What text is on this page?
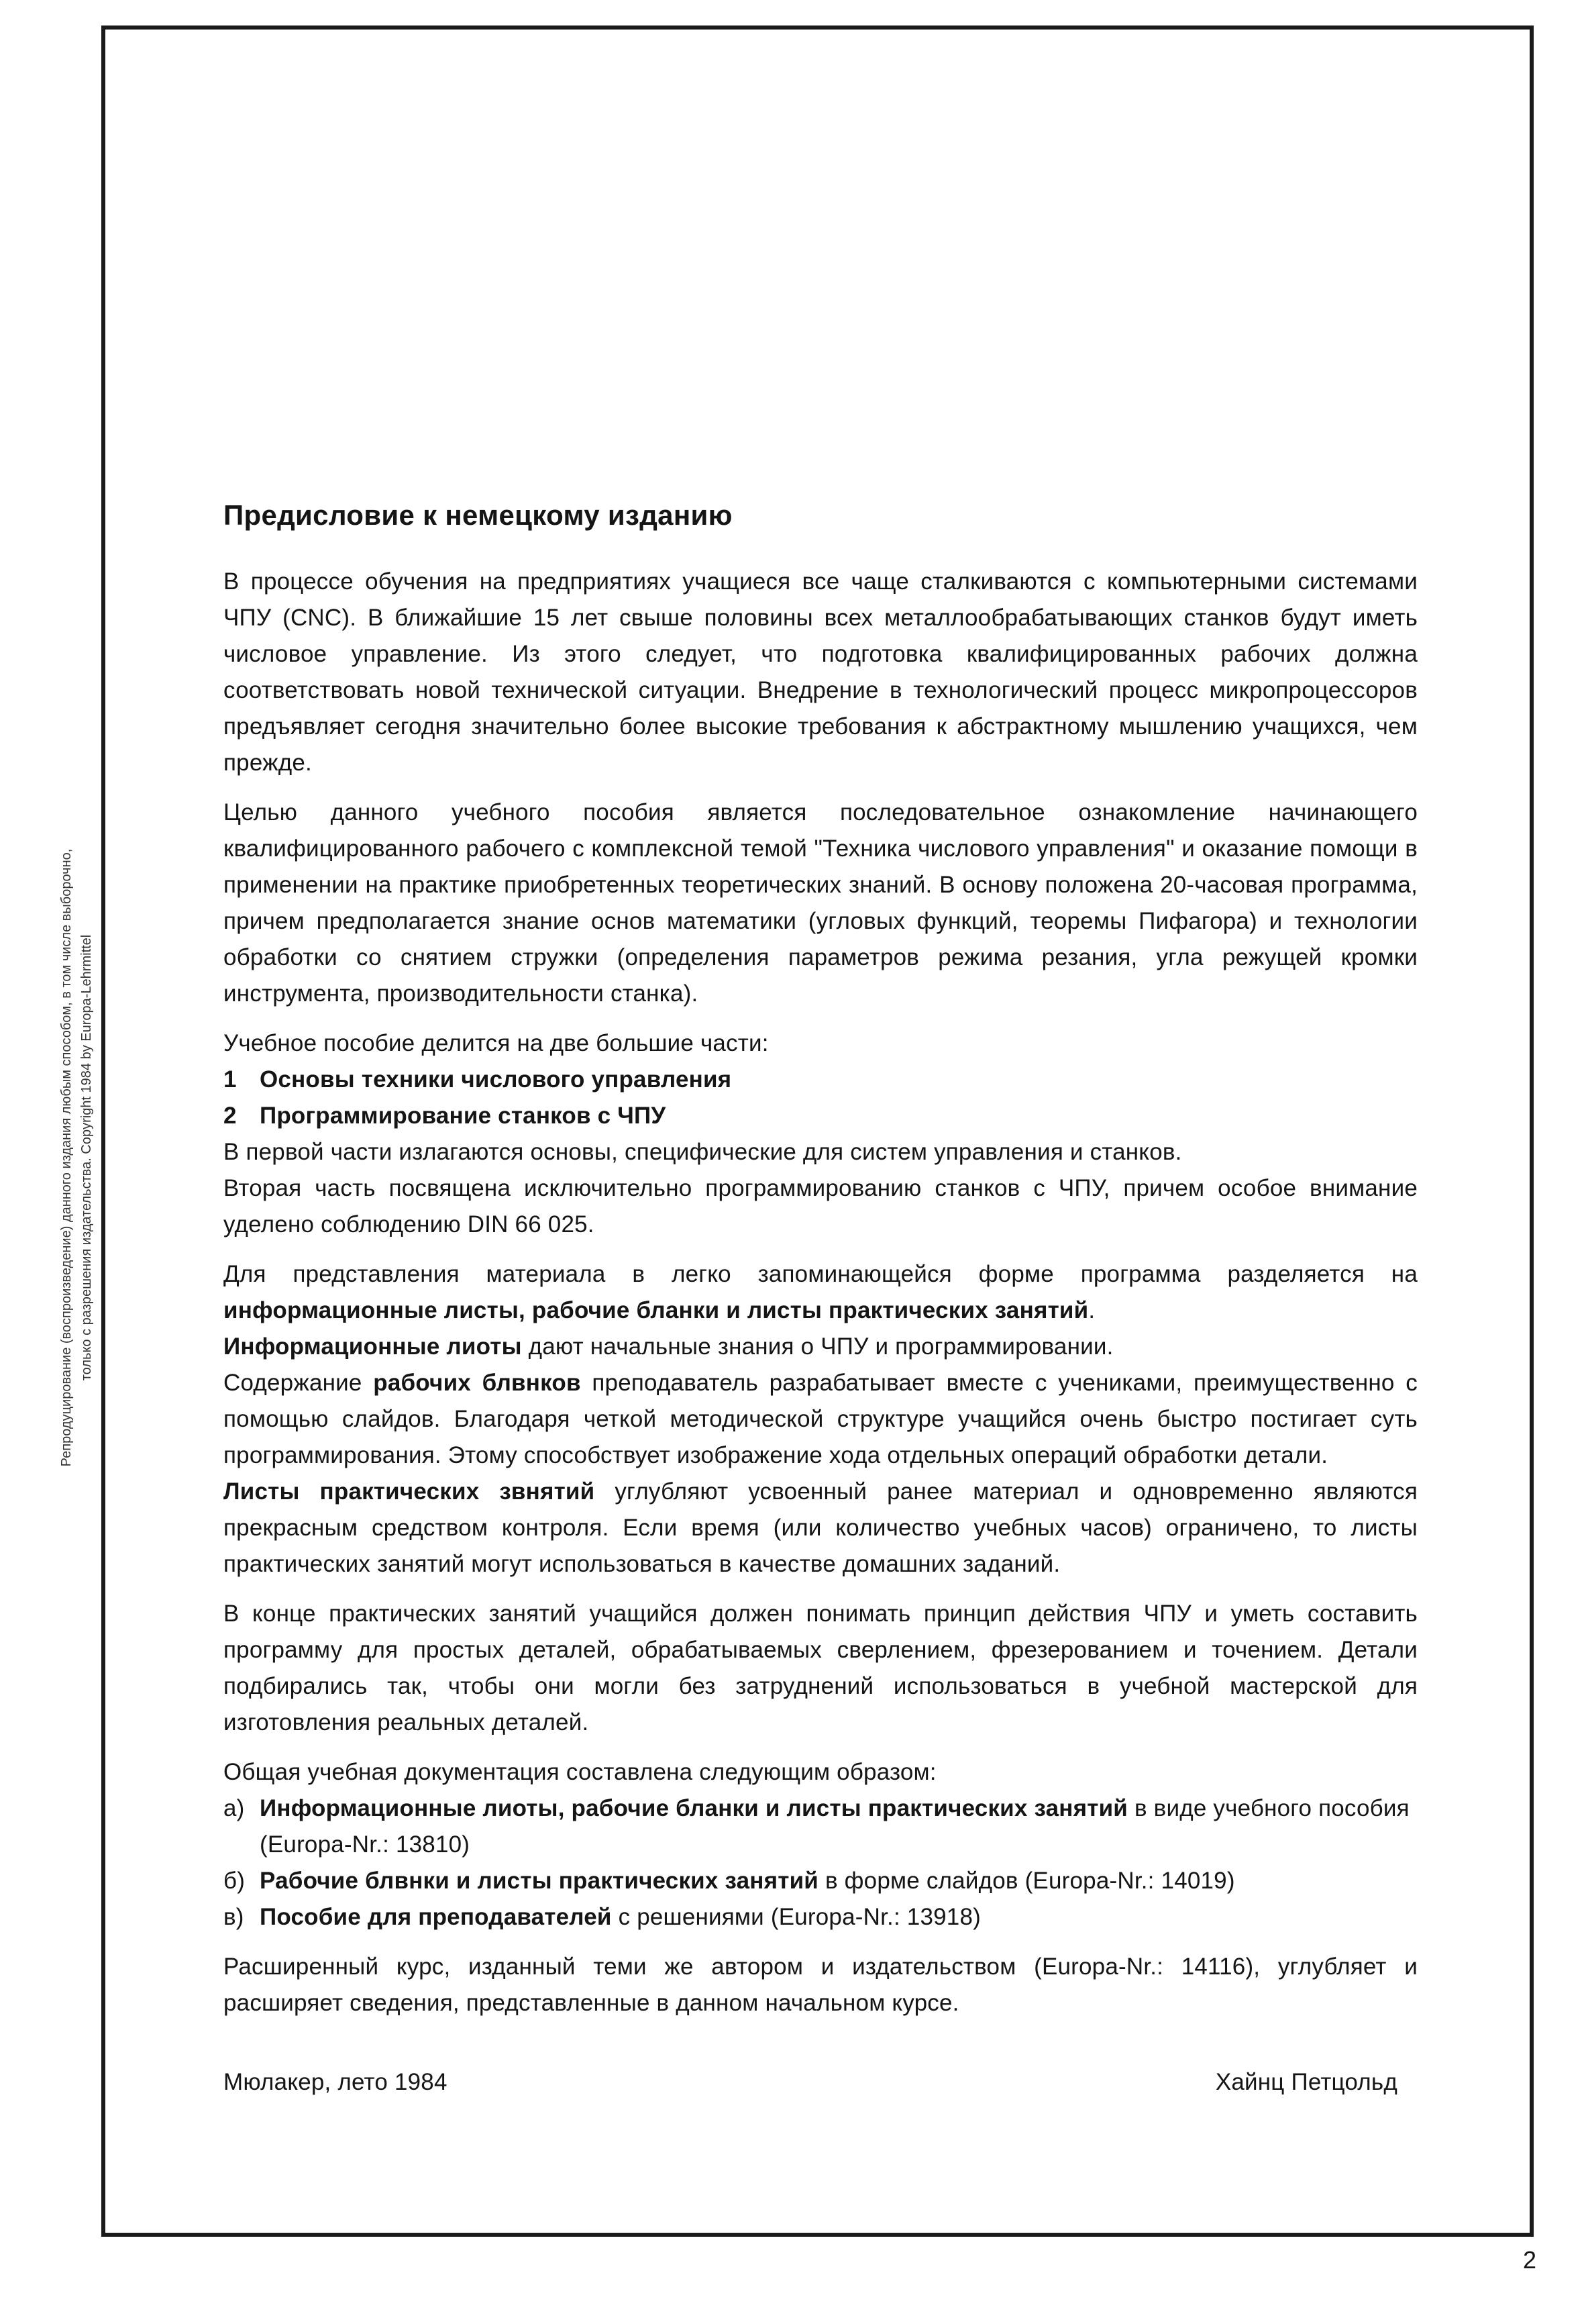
Репродуцирование (воспроизведение) данного издания любым способом, в том числе выборочно, только с разрешения издательства. Copyright 1984 by Europa-Lehrmittel
Предисловие к немецкому изданию

В процессе обучения на предприятиях учащиеся все чаще сталкиваются с компьютерными системами ЧПУ (CNC). В ближайшие 15 лет свыше половины всех металлообрабатывающих станков будут иметь числовое управление. Из этого следует, что подготовка квалифицированных рабочих должна соответствовать новой технической ситуации. Внедрение в технологический процесс микропроцессоров предъявляет сегодня значительно более высокие требования к абстрактному мышлению учащихся, чем прежде.

Целью данного учебного пособия является последовательное ознакомление начинающего квалифицированного рабочего с комплексной темой "Техника числового управления" и оказание помощи в применении на практике приобретенных теоретических знаний. В основу положена 20-часовая программа, причем предполагается знание основ математики (угловых функций, теоремы Пифагора) и технологии обработки со снятием стружки (определения параметров режима резания, угла режущей кромки инструмента, производительности станка).

Учебное пособие делится на две большие части:

1 Основы техники числового управления
2 Программирование станков с ЧПУ

В первой части излагаются основы, специфические для систем управления и станков.

Вторая часть посвящена исключительно программированию станков с ЧПУ, причем особое внимание уделено соблюдению DIN 66 025.

Для представления материала в легко запоминающейся форме программа разделяется на информационные листы, рабочие бланки и листы практических занятий.

Информационные лиоты дают начальные знания о ЧПУ и программировании.

Содержание рабочих блвнков преподаватель разрабатывает вместе с учениками, преимущественно с помощью слайдов. Благодаря четкой методической структуре учащийся очень быстро постигает суть программирования. Этому способствует изображение хода отдельных операций обработки детали.

Листы практических звнятий углубляют усвоенный ранее материал и одновременно являются прекрасным средством контроля. Если время (или количество учебных часов) ограничено, то листы практических занятий могут использоваться в качестве домашних заданий.

В конце практических занятий учащийся должен понимать принцип действия ЧПУ и уметь составить программу для простых деталей, обрабатываемых сверлением, фрезерованием и точением. Детали подбирались так, чтобы они могли без затруднений использоваться в учебной мастерской для изготовления реальных деталей.

Общая учебная документация составлена следующим образом:

а) Информационные лиоты, рабочие бланки и листы практических занятий в виде учебного пособия (Europa-Nr.: 13810)
б) Рабочие блвнки и листы практических занятий в форме слайдов (Europa-Nr.: 14019)
в) Пособие для преподавателей с решениями (Europa-Nr.: 13918)

Расширенный курс, изданный теми же автором и издательством (Europa-Nr.: 14116), углубляет и расширяет сведения, представленные в данном начальном курсе.

Мюлакер, лето 1984	Хайнц Петцольд
2
